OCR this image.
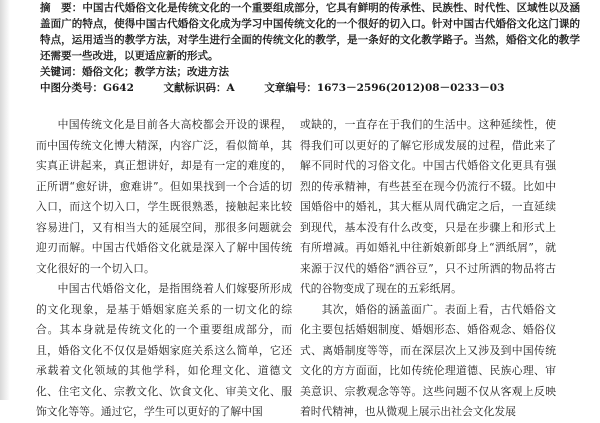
摘　要：中国古代婚俗文化是传统文化的一个重要组成部分，它具有鲜明的传承性、民族性、时代性、区域性以及涵盖面广的特点，使得中国古代婚俗文化成为学习中国传统文化的一个很好的切入口。针对中国古代婚俗文化这门课的特点，运用适当的教学方法，对学生进行全面的传统文化的教学，是一条好的文化教学路子。当然，婚俗文化的教学还需要一些改进，以更适应新的形式。
关键词：婚俗文化；教学方法；改进方法
中图分类号：G642	文献标识码：A	文章编号：1673－2596(2012)08－0233－03

中国传统文化是目前各大高校都会开设的课程，而中国传统文化博大精深，内容广泛，看似简单，其实真正讲起来，真正想讲好，却是有一定的难度的，正所谓“愈好讲，愈难讲”。但如果找到一个合适的切入口，而这个切入口，学生既很熟悉，接触起来比较容易进门，又有相当大的延展空间，那很多问题就会迎刃而解。中国古代婚俗文化就是深入了解中国传统文化很好的一个切入口。

中国古代婚俗文化，是指围绕着人们嫁娶所形成的文化现象，是基于婚姻家庭关系的一切文化的综合。其本身就是传统文化的一个重要组成部分，而且，婚俗文化不仅仅是婚姻家庭关系这么简单，它还承载着文化领域的其他学科，如伦理文化、道德文化、住宅文化、宗教文化、饮食文化、审美文化、服饰文化等等。通过它，学生可以更好的了解中国

或缺的，一直存在于我们的生活中。这种延续性，使得我们可以更好的了解它形成发展的过程，借此来了解不同时代的习俗文化。中国古代婚俗文化更具有强烈的传承精神，有些甚至在现今仍流行不辍。比如中国婚俗中的婚礼，其大框从周代确定之后，一直延续到现代，基本没有什么改变，只是在步骤上和形式上有所增减。再如婚礼中往新娘新郎身上“洒纸屑”，就来源于汉代的婚俗“洒谷豆”，只不过所洒的物品将古代的谷物变成了现在的五彩纸屑。

其次，婚俗的涵盖面广。表面上看，古代婚俗文化主要包括婚姻制度、婚姻形态、婚俗观念、婚俗仪式、离婚制度等等，而在深层次上又涉及到中国传统文化的方方面面，比如传统伦理道德、民族心理、审美意识、宗教观念等等。这些问题不仅从客观上反映着时代精神，也从微观上展示出社会文化发展
